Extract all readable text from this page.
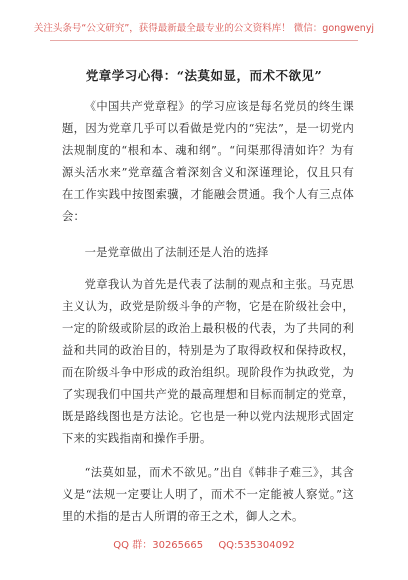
关注头条号“公文研究”，获得最新最全最专业的公文资料库！ 微信：gongwenyj
党章学习心得：“法莫如显，而术不欲见”

《中国共产党章程》的学习应该是每名党员的终生课题，因为党章几乎可以看做是党内的“宪法”，是一切党内法规制度的“根和本、魂和纲”。“问渠那得清如许？为有源头活水来”党章蕴含着深刻含义和深谨理论，仅且只有在工作实践中按图索骥，才能融会贯通。我个人有三点体会：

一是党章做出了法制还是人治的选择

党章我认为首先是代表了法制的观点和主张。马克思主义认为，政党是阶级斗争的产物，它是在阶级社会中，一定的阶级或阶层的政治上最积极的代表，为了共同的利益和共同的政治目的，特别是为了取得政权和保持政权，而在阶级斗争中形成的政治组织。现阶段作为执政党，为了实现我们中国共产党的最高理想和目标而制定的党章，既是路线图也是方法论。它也是一种以党内法规形式固定下来的实践指南和操作手册。

“法莫如显，而术不欲见。”出自《韩非子难三》，其含义是“法规一定要让人明了，而术不一定能被人察觉。”这里的术指的是古人所谓的帝王之术，御人之术。

QQ 群：30265665 QQ:535304092
